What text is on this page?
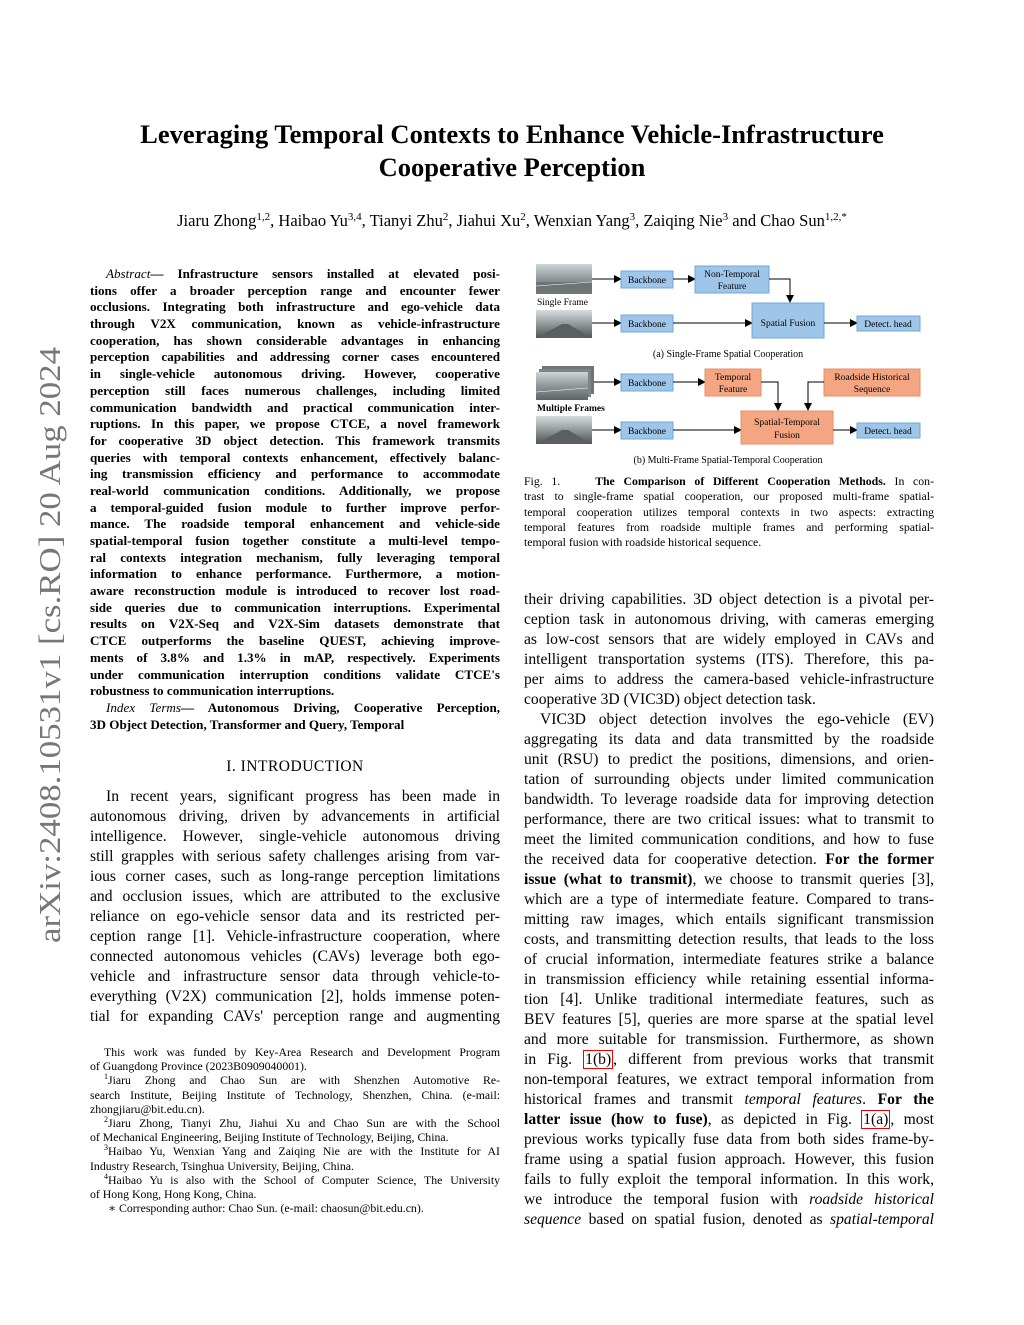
arXiv:2408.10531v1 [cs.RO] 20 Aug 2024
Leveraging Temporal Contexts to Enhance Vehicle-Infrastructure
Cooperative Perception
Jiaru Zhong$^{1,2}$, Haibao Yu$^{3,4}$, Tianyi Zhu$^2$, Jiahui Xu$^2$, Wenxian Yang$^3$, Zaiqing Nie$^3$ and Chao Sun$^{1,2,*}$
Abstract— Infrastructure sensors installed at elevated posi-
tions offer a broader perception range and encounter fewer
occlusions. Integrating both infrastructure and ego-vehicle data
through V2X communication, known as vehicle-infrastructure
cooperation, has shown considerable advantages in enhancing
perception capabilities and addressing corner cases encountered
in single-vehicle autonomous driving. However, cooperative
perception still faces numerous challenges, including limited
communication bandwidth and practical communication inter-
ruptions. In this paper, we propose CTCE, a novel framework
for cooperative 3D object detection. This framework transmits
queries with temporal contexts enhancement, effectively balanc-
ing transmission efficiency and performance to accommodate
real-world communication conditions. Additionally, we propose
a temporal-guided fusion module to further improve perfor-
mance. The roadside temporal enhancement and vehicle-side
spatial-temporal fusion together constitute a multi-level tempo-
ral contexts integration mechanism, fully leveraging temporal
information to enhance performance. Furthermore, a motion-
aware reconstruction module is introduced to recover lost road-
side queries due to communication interruptions. Experimental
results on V2X-Seq and V2X-Sim datasets demonstrate that
CTCE outperforms the baseline QUEST, achieving improve-
ments of 3.8% and 1.3% in mAP, respectively. Experiments
under communication interruption conditions validate CTCE's
robustness to communication interruptions.
Index Terms— Autonomous Driving, Cooperative Perception,
3D Object Detection, Transformer and Query, Temporal
I. INTRODUCTION
In recent years, significant progress has been made in
autonomous driving, driven by advancements in artificial
intelligence. However, single-vehicle autonomous driving
still grapples with serious safety challenges arising from var-
ious corner cases, such as long-range perception limitations
and occlusion issues, which are attributed to the exclusive
reliance on ego-vehicle sensor data and its restricted per-
ception range [1]. Vehicle-infrastructure cooperation, where
connected autonomous vehicles (CAVs) leverage both ego-
vehicle and infrastructure sensor data through vehicle-to-
everything (V2X) communication [2], holds immense poten-
tial for expanding CAVs' perception range and augmenting
This work was funded by Key-Area Research and Development Program
of Guangdong Province (2023B0909040001).
$^1$Jiaru Zhong and Chao Sun are with Shenzhen Automotive Re-
search Institute, Beijing Institute of Technology, Shenzhen, China. (e-mail:
zhongjiaru@bit.edu.cn).
$^2$Jiaru Zhong, Tianyi Zhu, Jiahui Xu and Chao Sun are with the School
of Mechanical Engineering, Beijing Institute of Technology, Beijing, China.
$^3$Haibao Yu, Wenxian Yang and Zaiqing Nie are with the Institute for AI
Industry Research, Tsinghua University, Beijing, China.
$^4$Haibao Yu is also with the School of Computer Science, The University
of Hong Kong, Hong Kong, China.
∗ Corresponding author: Chao Sun. (e-mail: chaosun@bit.edu.cn).
Single Frame
Backbone
Non-Temporal
Feature
Backbone	Spatial Fusion	Detect. head
(a) Single-Frame Spatial Cooperation
Multiple Frames
Backbone
Temporal
Feature
Roadside Historical
Sequence
Backbone
Spatial-Temporal
Fusion	Detect. head
(b) Multi-Frame Spatial-Temporal Cooperation
Fig. 1.	The Comparison of Different Cooperation Methods. In con-
trast to single-frame spatial cooperation, our proposed multi-frame spatial-
temporal cooperation utilizes temporal contexts in two aspects: extracting
temporal features from roadside multiple frames and performing spatial-
temporal fusion with roadside historical sequence.
their driving capabilities. 3D object detection is a pivotal per-
ception task in autonomous driving, with cameras emerging
as low-cost sensors that are widely employed in CAVs and
intelligent transportation systems (ITS). Therefore, this pa-
per aims to address the camera-based vehicle-infrastructure
cooperative 3D (VIC3D) object detection task.
VIC3D object detection involves the ego-vehicle (EV)
aggregating its data and data transmitted by the roadside
unit (RSU) to predict the positions, dimensions, and orien-
tation of surrounding objects under limited communication
bandwidth. To leverage roadside data for improving detection
performance, there are two critical issues: what to transmit to
meet the limited communication conditions, and how to fuse
the received data for cooperative detection. For the former
issue (what to transmit), we choose to transmit queries [3],
which are a type of intermediate feature. Compared to trans-
mitting raw images, which entails significant transmission
costs, and transmitting detection results, that leads to the loss
of crucial information, intermediate features strike a balance
in transmission efficiency while retaining essential informa-
tion [4]. Unlike traditional intermediate features, such as
BEV features [5], queries are more sparse at the spatial level
and more suitable for transmission. Furthermore, as shown
in Fig. 1(b) , different from previous works that transmit
non-temporal features, we extract temporal information from
historical frames and transmit temporal features. For the
latter issue (how to fuse), as depicted in Fig. 1(a) , most
previous works typically fuse data from both sides frame-by-
frame using a spatial fusion approach. However, this fusion
fails to fully exploit the temporal information. In this work,
we introduce the temporal fusion with roadside historical
sequence based on spatial fusion, denoted as spatial-temporal
